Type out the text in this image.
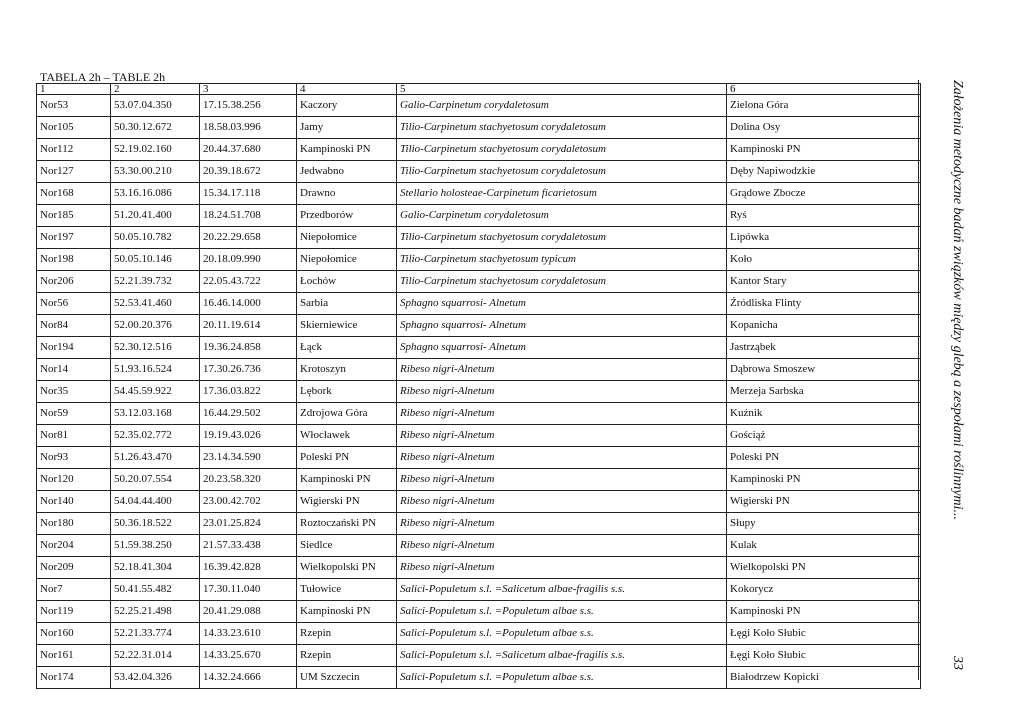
TABELA 2h – TABLE 2h
1	2	3	4	5	6
Nor53	53.07.04.350	17.15.38.256	Kaczory	Galio-Carpinetum corydaletosum	Zielona Góra
Nor105	50.30.12.672	18.58.03.996	Jamy	Tilio-Carpinetum stachyetosum corydaletosum	Dolina Osy
Nor112	52.19.02.160	20.44.37.680	Kampinoski PN	Tilio-Carpinetum stachyetosum corydaletosum	Kampinoski PN
Nor127	53.30.00.210	20.39.18.672	Jedwabno	Tilio-Carpinetum stachyetosum corydaletosum	Dęby Napiwodzkie
Nor168	53.16.16.086	15.34.17.118	Drawno	Stellario holosteae-Carpinetum ficarietosum	Grądowe Zbocze
Nor185	51.20.41.400	18.24.51.708	Przedborów	Galio-Carpinetum corydaletosum	Ryś
Nor197	50.05.10.782	20.22.29.658	Niepołomice	Tilio-Carpinetum stachyetosum corydaletosum	Lipówka
Nor198	50.05.10.146	20.18.09.990	Niepołomice	Tilio-Carpinetum stachyetosum typicum	Koło
Nor206	52.21.39.732	22.05.43.722	Łochów	Tilio-Carpinetum stachyetosum corydaletosum	Kantor Stary
Nor56	52.53.41.460	16.46.14.000	Sarbia	Sphagno squarrosi- Alnetum	Źródliska Flinty
Nor84	52.00.20.376	20.11.19.614	Skierniewice	Sphagno squarrosi- Alnetum	Kopanicha
Nor194	52.30.12.516	19.36.24.858	Łąck	Sphagno squarrosi- Alnetum	Jastrząbek
Nor14	51.93.16.524	17.30.26.736	Krotoszyn	Ribeso nigri-Alnetum	Dąbrowa Smoszew
Nor35	54.45.59.922	17.36.03.822	Lębork	Ribeso nigri-Alnetum	Merzeja Sarbska
Nor59	53.12.03.168	16.44.29.502	Zdrojowa Góra	Ribeso nigri-Alnetum	Kuźnik
Nor81	52.35.02.772	19.19.43.026	Włocławek	Ribeso nigri-Alnetum	Gościąż
Nor93	51.26.43.470	23.14.34.590	Poleski PN	Ribeso nigri-Alnetum	Poleski PN
Nor120	50.20.07.554	20.23.58.320	Kampinoski PN	Ribeso nigri-Alnetum	Kampinoski PN
Nor140	54.04.44.400	23.00.42.702	Wigierski PN	Ribeso nigri-Alnetum	Wigierski PN
Nor180	50.36.18.522	23.01.25.824	Roztoczański PN	Ribeso nigri-Alnetum	Słupy
Nor204	51.59.38.250	21.57.33.438	Siedlce	Ribeso nigri-Alnetum	Kulak
Nor209	52.18.41.304	16.39.42.828	Wielkopolski PN	Ribeso nigri-Alnetum	Wielkopolski PN
Nor7	50.41.55.482	17.30.11.040	Tułowice	Salici-Populetum s.l. =Salicetum albae-fragilis s.s.	Kokorycz
Nor119	52.25.21.498	20.41.29.088	Kampinoski PN	Salici-Populetum s.l. =Populetum albae s.s.	Kampinoski PN
Nor160	52.21.33.774	14.33.23.610	Rzepin	Salici-Populetum s.l. =Populetum albae s.s.	Łęgi Koło Słubic
Nor161	52.22.31.014	14.33.25.670	Rzepin	Salici-Populetum s.l. =Salicetum albae-fragilis s.s.	Łęgi Koło Słubic
Nor174	53.42.04.326	14.32.24.666	UM Szczecin	Salici-Populetum s.l. =Populetum albae s.s.	Białodrzew Kopicki
Założenia metodyczne badań związków między glebą a zespołami roślinnymi...
33
